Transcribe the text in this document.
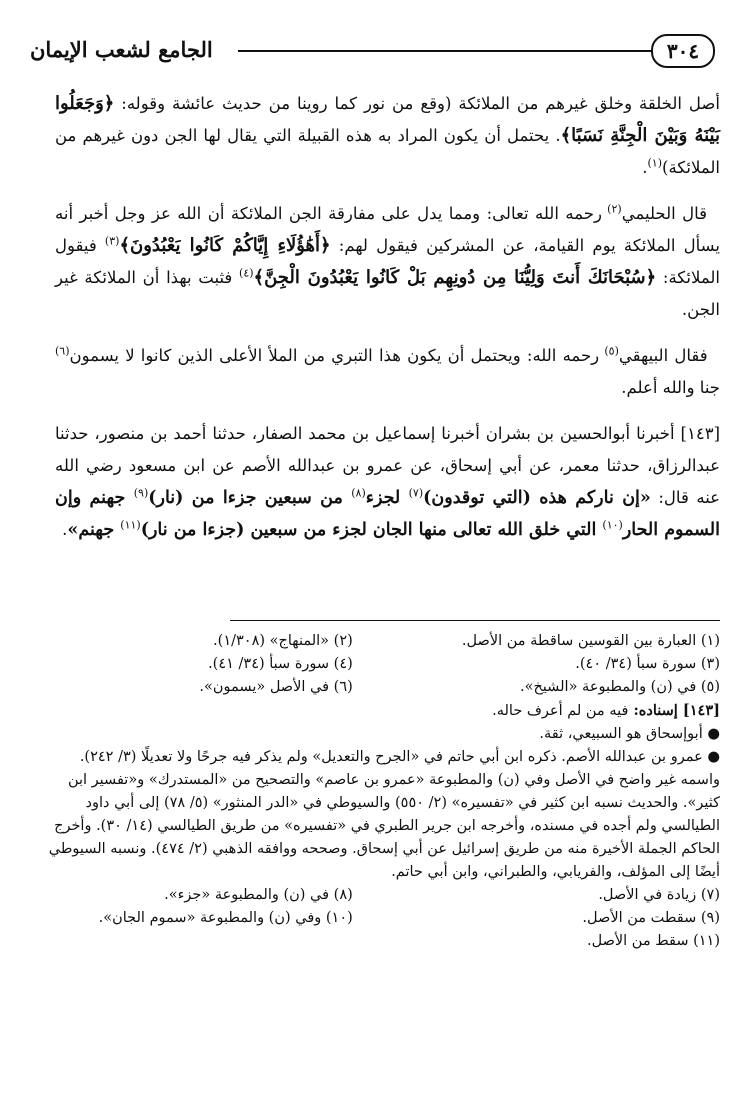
٣٠٤
الجامع لشعب الإيمان

أصل الخلقة وخلق غيرهم من الملائكة (وقع من نور كما روينا من حديث عائشة وقوله: ﴿وَجَعَلُوا بَيْنَهُ وَبَيْنَ الْجِنَّةِ نَسَبًا﴾. يحتمل أن يكون المراد به هذه القبيلة التي يقال لها الجن دون غيرهم من الملائكة)$^{(١)}$.

قال الحليمي$^{(٢)}$ رحمه الله تعالى: ومما يدل على مفارقة الجن الملائكة أن الله عز وجل أخبر أنه يسأل الملائكة يوم القيامة، عن المشركين فيقول لهم: ﴿أَهَٰؤُلَاءِ إِيَّاكُمْ كَانُوا يَعْبُدُونَ﴾$^{(٣)}$ فيقول الملائكة: ﴿سُبْحَانَكَ أَنتَ وَلِيُّنَا مِن دُونِهِم بَلْ كَانُوا يَعْبُدُونَ الْجِنَّ﴾$^{(٤)}$ فثبت بهذا أن الملائكة غير الجن.

فقال البيهقي$^{(٥)}$ رحمه الله: ويحتمل أن يكون هذا التبري من الملأ الأعلى الذين كانوا لا يسمون$^{(٦)}$ جنا والله أعلم.

[١٤٣] أخبرنا أبوالحسين بن بشران أخبرنا إسماعيل بن محمد الصفار، حدثنا أحمد بن منصور، حدثنا عبدالرزاق، حدثنا معمر، عن أبي إسحاق، عن عمرو بن عبدالله الأصم عن ابن مسعود رضي الله عنه قال: «إن ناركم هذه (التي توقدون)$^{(٧)}$ لجزء$^{(٨)}$ من سبعين جزءا من (نار)$^{(٩)}$ جهنم وإن السموم الحار$^{(١٠)}$ التي خلق الله تعالى منها الجان لجزء من سبعين (جزءا من نار)$^{(١١)}$ جهنم».

(١) العبارة بين القوسين ساقطة من الأصل.
(٢) «المنهاج» (١/٣٠٨).
(٣) سورة سبأ (٣٤/ ٤٠).
(٤) سورة سبأ (٣٤/ ٤١).
(٥) في (ن) والمطبوعة «الشيخ».
(٦) في الأصل «يسمون».

[١٤٣] إسناده: فيه من لم أعرف حاله.

● أبوإسحاق هو السبيعي، ثقة.

● عمرو بن عبدالله الأصم. ذكره ابن أبي حاتم في «الجرح والتعديل» ولم يذكر فيه جرحًا ولا تعديلًا (٣/ ٢٤٢). واسمه غير واضح في الأصل وفي (ن) والمطبوعة «عمرو بن عاصم» والتصحيح من «المستدرك» و«تفسير ابن كثير». والحديث نسبه ابن كثير في «تفسيره» (٢/ ٥٥٠) والسيوطي في «الدر المنثور» (٥/ ٧٨) إلى أبي داود الطيالسي ولم أجده في مسنده، وأخرجه ابن جرير الطبري في «تفسيره» من طريق الطيالسي (١٤/ ٣٠). وأخرج الحاكم الجملة الأخيرة منه من طريق إسرائيل عن أبي إسحاق. وصححه ووافقه الذهبي (٢/ ٤٧٤). ونسبه السيوطي أيضًا إلى المؤلف، والفريابي، والطبراني، وابن أبي حاتم.

(٧) زيادة في الأصل.
(٨) في (ن) والمطبوعة «جزء».
(٩) سقطت من الأصل.
(١٠) وفي (ن) والمطبوعة «سموم الجان».

(١١) سقط من الأصل.
